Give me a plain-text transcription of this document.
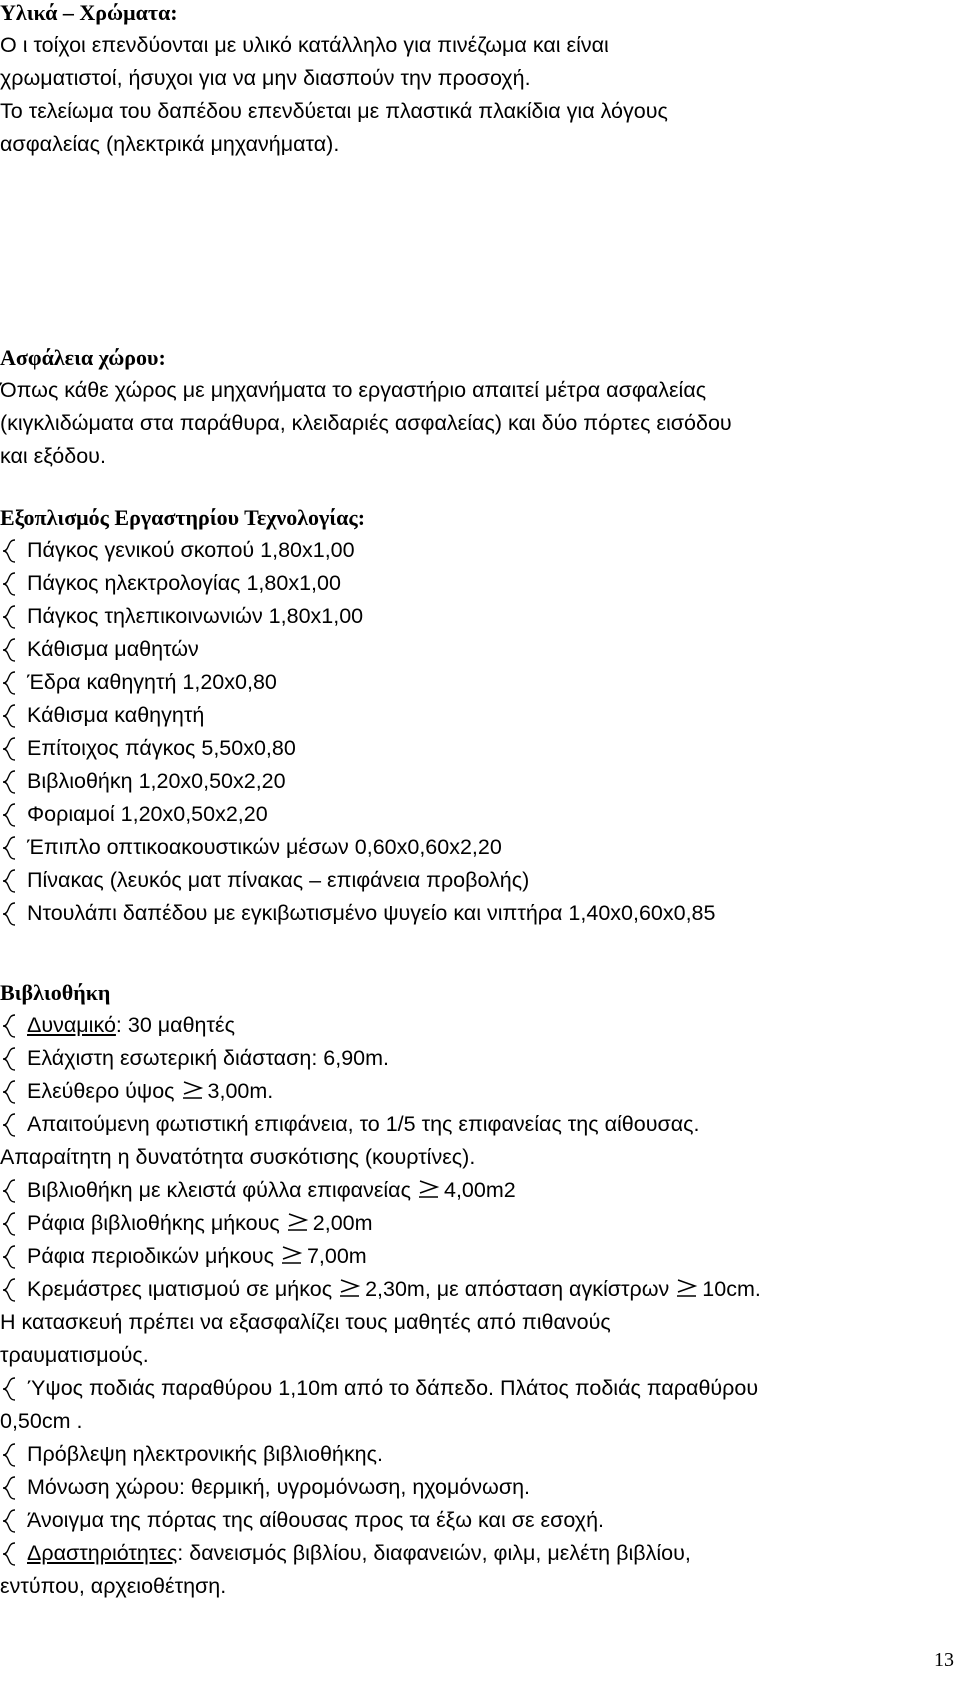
Υλικά – Χρώματα:

Ο ι τοίχοι επενδύονται με υλικό κατάλληλο για πινέζωμα και είναι

χρωματιστοί, ήσυχοι για να μην διασπούν την προσοχή.

Το τελείωμα του δαπέδου επενδύεται με πλαστικά πλακίδια για λόγους

ασφαλείας (ηλεκτρικά μηχανήματα).

Ασφάλεια χώρου:

Όπως κάθε χώρος με μηχανήματα το εργαστήριο απαιτεί μέτρα ασφαλείας

(κιγκλιδώματα στα παράθυρα, κλειδαριές ασφαλείας) και δύο πόρτες εισόδου

και εξόδου.

Εξοπλισμός Εργαστηρίου Τεχνολογίας:

Πάγκος γενικού σκοπού 1,80x1,00
Πάγκος ηλεκτρολογίας 1,80x1,00
Πάγκος τηλεπικοινωνιών 1,80x1,00
Κάθισμα μαθητών
Έδρα καθηγητή 1,20x0,80
Κάθισμα καθηγητή
Επίτοιχος πάγκος 5,50x0,80
Βιβλιοθήκη 1,20x0,50x2,20
Φοριαμοί 1,20x0,50x2,20
Έπιπλο οπτικοακουστικών μέσων 0,60x0,60x2,20
Πίνακας (λευκός ματ πίνακας – επιφάνεια προβολής)
Ντουλάπι δαπέδου με εγκιβωτισμένο ψυγείο και νιπτήρα 1,40x0,60x0,85

Βιβλιοθήκη

Δυναμικό: 30 μαθητές
Ελάχιστη εσωτερική διάσταση: 6,90m.
Ελεύθερο ύψος 3,00m.
Απαιτούμενη φωτιστική επιφάνεια, το 1/5 της επιφανείας της αίθουσας.
Απαραίτητη η δυνατότητα συσκότισης (κουρτίνες).
Βιβλιοθήκη με κλειστά φύλλα επιφανείας 4,00m2
Ράφια βιβλιοθήκης μήκους 2,00m
Ράφια περιοδικών μήκους 7,00m
Κρεμάστρες ιματισμού σε μήκος 2,30m, με απόσταση αγκίστρων 10cm.
Η κατασκευή πρέπει να εξασφαλίζει τους μαθητές από πιθανούς
τραυματισμούς.
Ύψος ποδιάς παραθύρου 1,10m από το δάπεδο. Πλάτος ποδιάς παραθύρου
0,50cm .
Πρόβλεψη ηλεκτρονικής βιβλιοθήκης.
Μόνωση χώρου: θερμική, υγρομόνωση, ηχομόνωση.
Άνοιγμα της πόρτας της αίθουσας προς τα έξω και σε εσοχή.
Δραστηριότητες: δανεισμός βιβλίου, διαφανειών, φιλμ, μελέτη βιβλίου,
εντύπου, αρχειοθέτηση.
13
